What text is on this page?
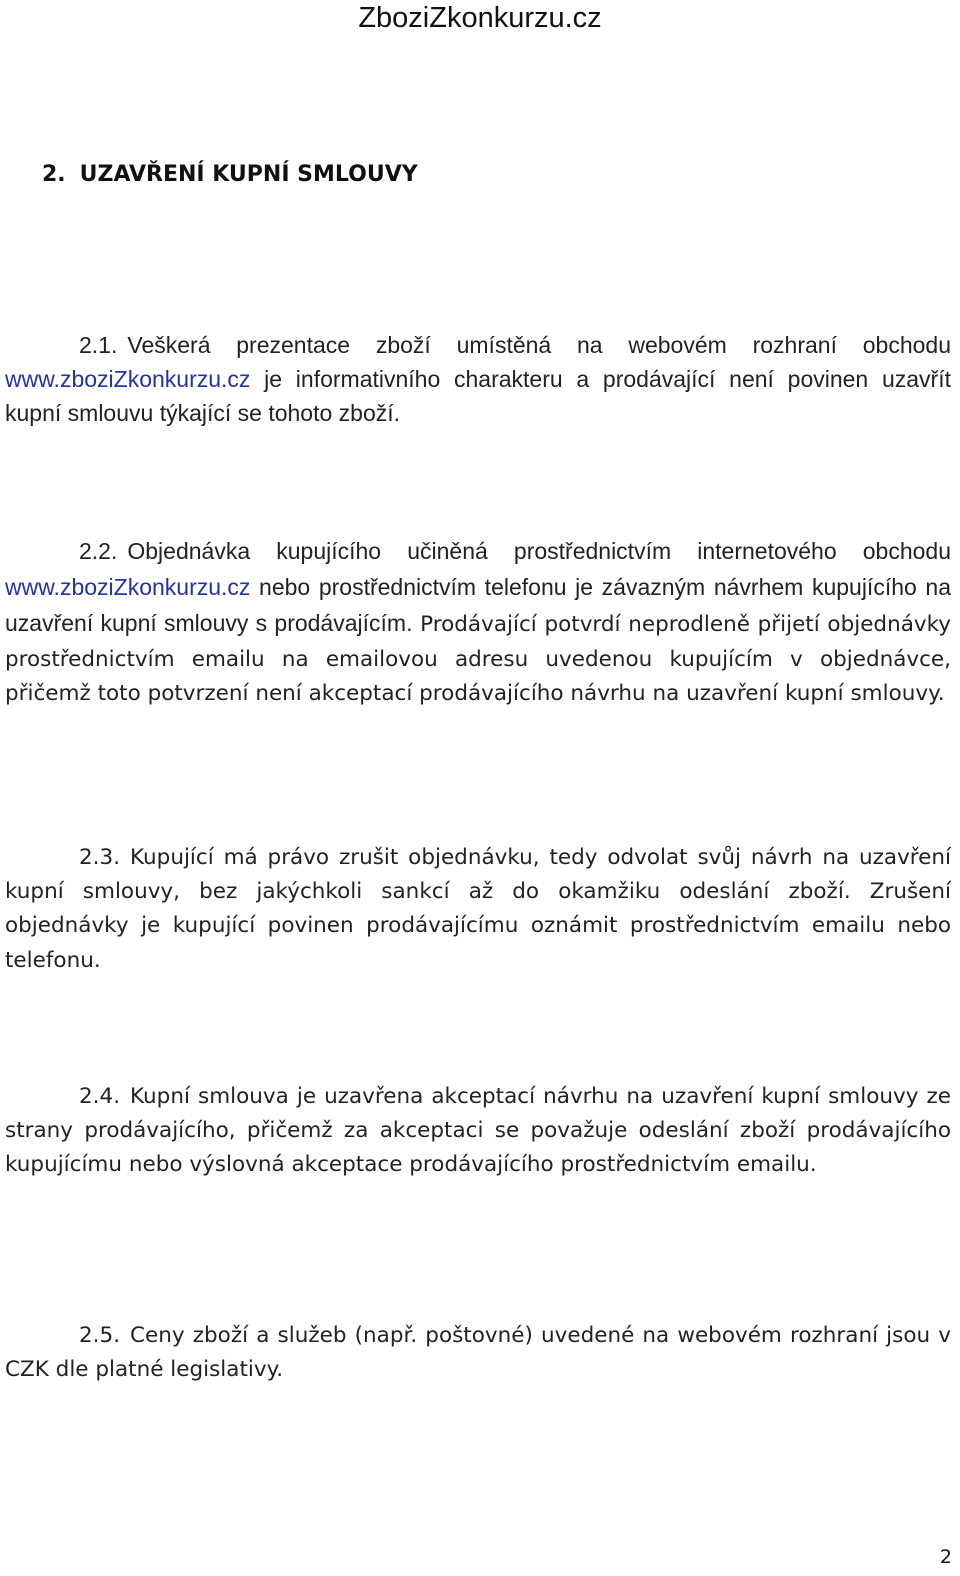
ZboziZkonkurzu.cz
2. UZAVŘENÍ KUPNÍ SMLOUVY

2.1. Veškerá prezentace zboží umístěná na webovém rozhraní obchodu www.zboziZkonkurzu.cz je informativního charakteru a prodávající není povinen uzavřít kupní smlouvu týkající se tohoto zboží.

2.2. Objednávka kupujícího učiněná prostřednictvím internetového obchodu www.zboziZkonkurzu.cz nebo prostřednictvím telefonu je závazným návrhem kupujícího na uzavření kupní smlouvy s prodávajícím. Prodávající potvrdí neprodleně přijetí objednávky prostřednictvím emailu na emailovou adresu uvedenou kupujícím v objednávce, přičemž toto potvrzení není akceptací prodávajícího návrhu na uzavření kupní smlouvy.

2.3. Kupující má právo zrušit objednávku, tedy odvolat svůj návrh na uzavření kupní smlouvy, bez jakýchkoli sankcí až do okamžiku odeslání zboží. Zrušení objednávky je kupující povinen prodávajícímu oznámit prostřednictvím emailu nebo telefonu.

2.4. Kupní smlouva je uzavřena akceptací návrhu na uzavření kupní smlouvy ze strany prodávajícího, přičemž za akceptaci se považuje odeslání zboží prodávajícího kupujícímu nebo výslovná akceptace prodávajícího prostřednictvím emailu.

2.5. Ceny zboží a služeb (např. poštovné) uvedené na webovém rozhraní jsou v CZK dle platné legislativy.

2
